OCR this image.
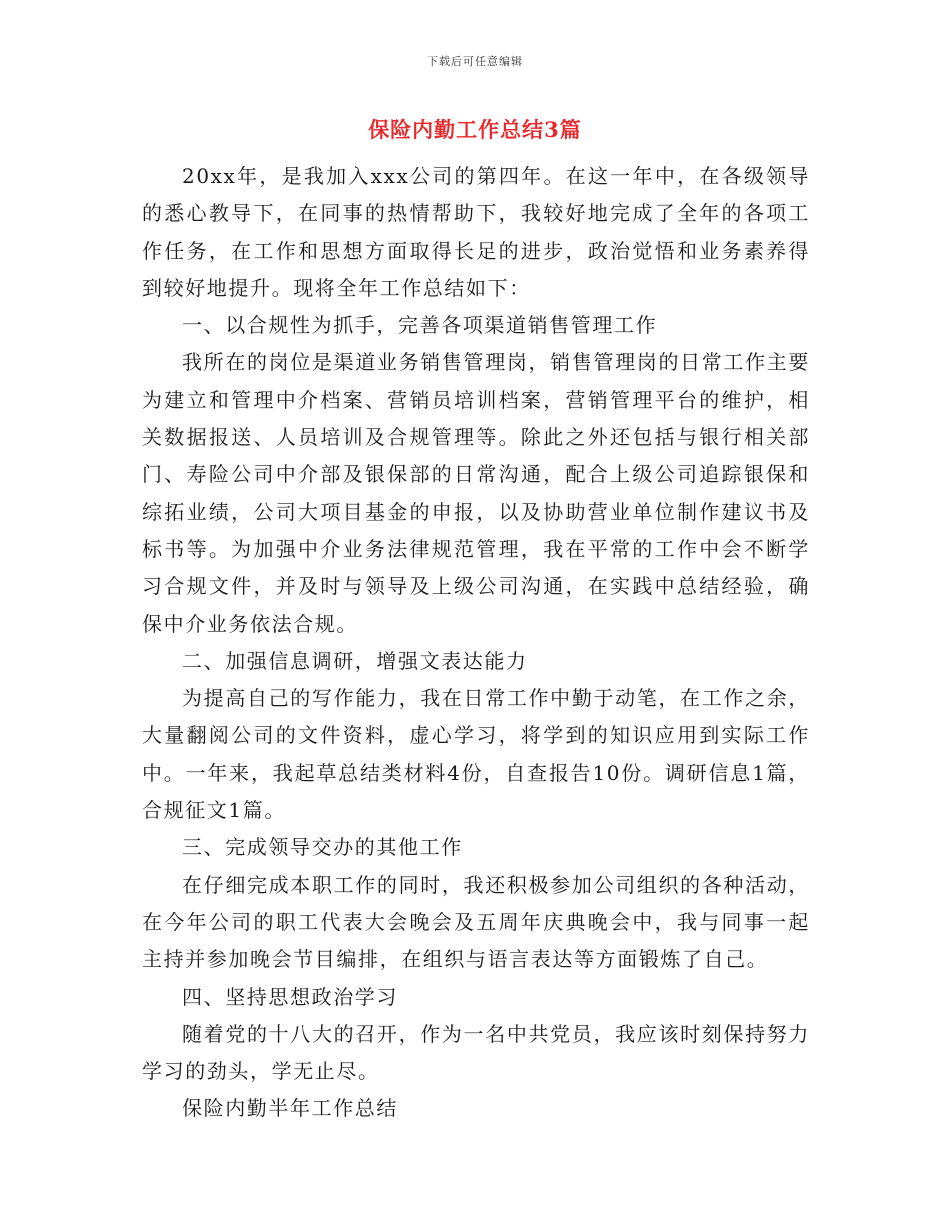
下载后可任意编辑
保险内勤工作总结3篇

20xx年，是我加入xxx公司的第四年。在这一年中，在各级领导的悉心教导下，在同事的热情帮助下，我较好地完成了全年的各项工作任务，在工作和思想方面取得长足的进步，政治觉悟和业务素养得到较好地提升。现将全年工作总结如下：

一、以合规性为抓手，完善各项渠道销售管理工作

我所在的岗位是渠道业务销售管理岗，销售管理岗的日常工作主要为建立和管理中介档案、营销员培训档案，营销管理平台的维护，相关数据报送、人员培训及合规管理等。除此之外还包括与银行相关部门、寿险公司中介部及银保部的日常沟通，配合上级公司追踪银保和综拓业绩，公司大项目基金的申报，以及协助营业单位制作建议书及标书等。为加强中介业务法律规范管理，我在平常的工作中会不断学习合规文件，并及时与领导及上级公司沟通，在实践中总结经验，确保中介业务依法合规。

二、加强信息调研，增强文表达能力

为提高自己的写作能力，我在日常工作中勤于动笔，在工作之余，大量翻阅公司的文件资料，虚心学习，将学到的知识应用到实际工作中。一年来，我起草总结类材料4份，自查报告10份。调研信息1篇，合规征文1篇。

三、完成领导交办的其他工作

在仔细完成本职工作的同时，我还积极参加公司组织的各种活动，在今年公司的职工代表大会晚会及五周年庆典晚会中，我与同事一起主持并参加晚会节目编排，在组织与语言表达等方面锻炼了自己。

四、坚持思想政治学习

随着党的十八大的召开，作为一名中共党员，我应该时刻保持努力学习的劲头，学无止尽。

保险内勤半年工作总结
